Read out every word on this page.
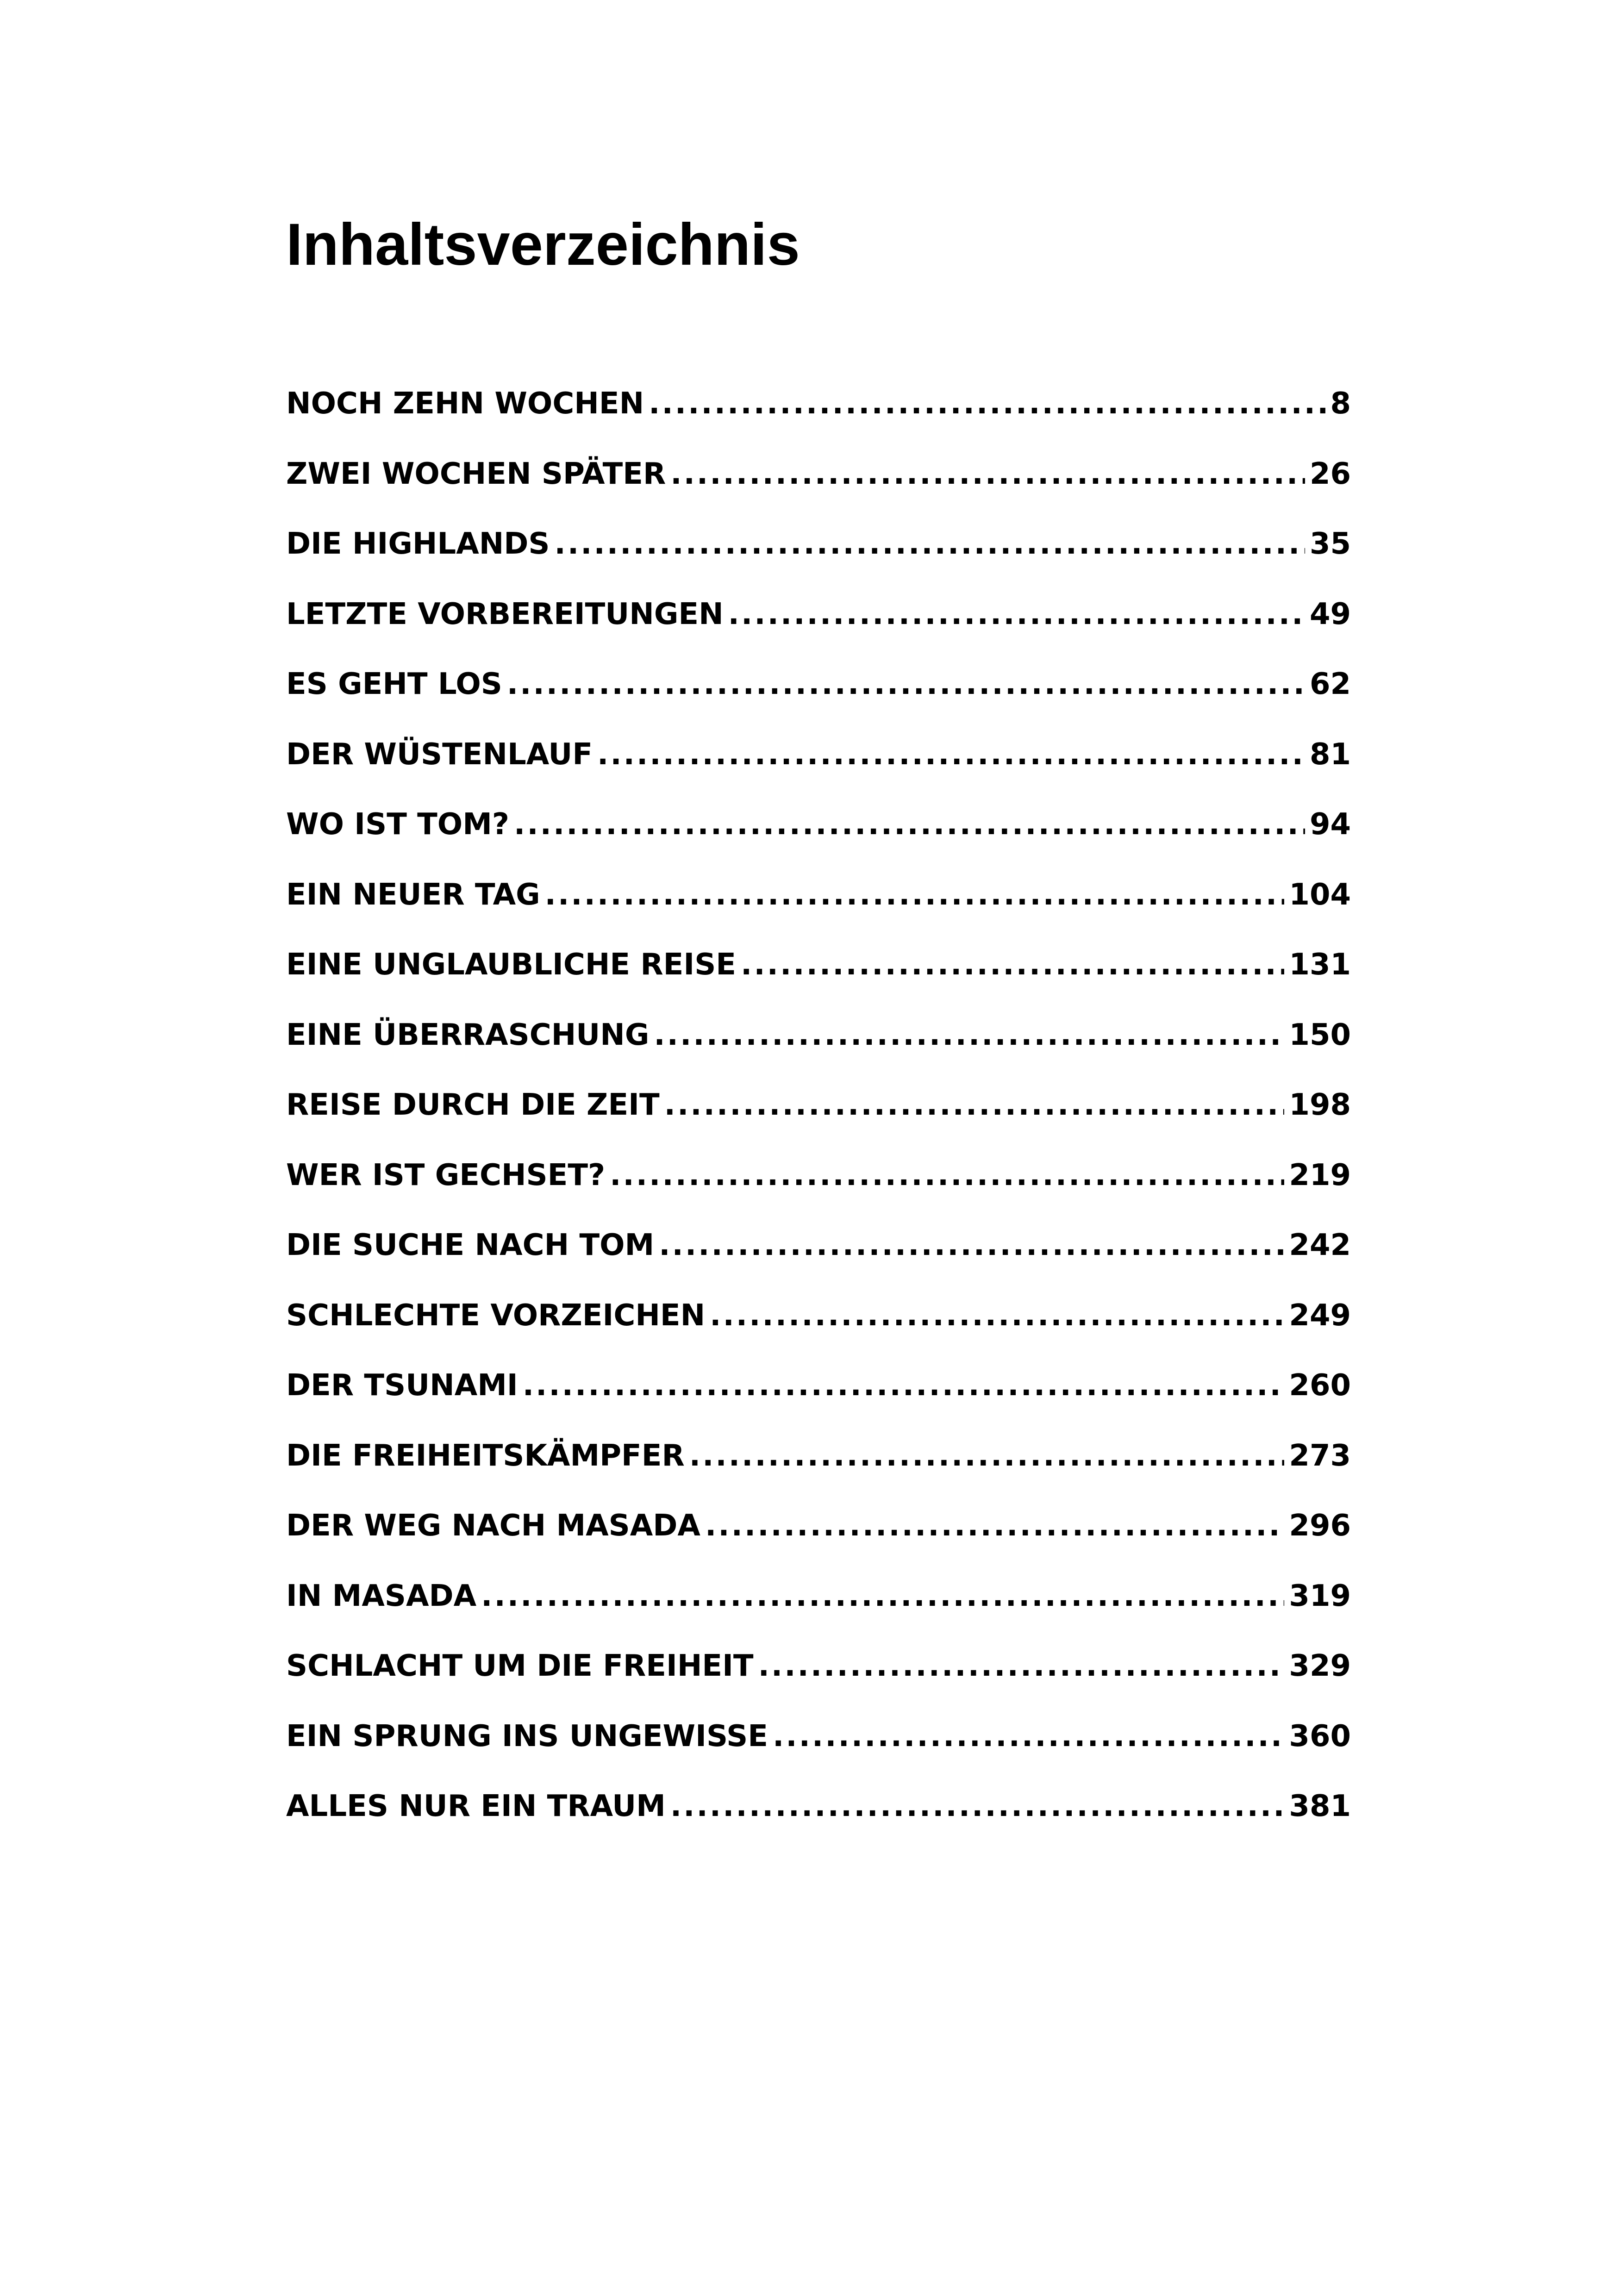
Inhaltsverzeichnis
NOCH ZEHN WOCHEN .....	8
ZWEI WOCHEN SPÄTER .....	26
DIE HIGHLANDS .....	35
LETZTE VORBEREITUNGEN .....	49
ES GEHT LOS .....	62
DER WÜSTENLAUF .....	81
WO IST TOM? .....	94
EIN NEUER TAG .....	104
EINE UNGLAUBLICHE REISE .....	131
EINE ÜBERRASCHUNG .....	150
REISE DURCH DIE ZEIT .....	198
WER IST GECHSET? .....	219
DIE SUCHE NACH TOM .....	242
SCHLECHTE VORZEICHEN .....	249
DER TSUNAMI .....	260
DIE FREIHEITSKÄMPFER .....	273
DER WEG NACH MASADA .....	296
IN MASADA .....	319
SCHLACHT UM DIE FREIHEIT .....	329
EIN SPRUNG INS UNGEWISSE .....	360
ALLES NUR EIN TRAUM .....	381
